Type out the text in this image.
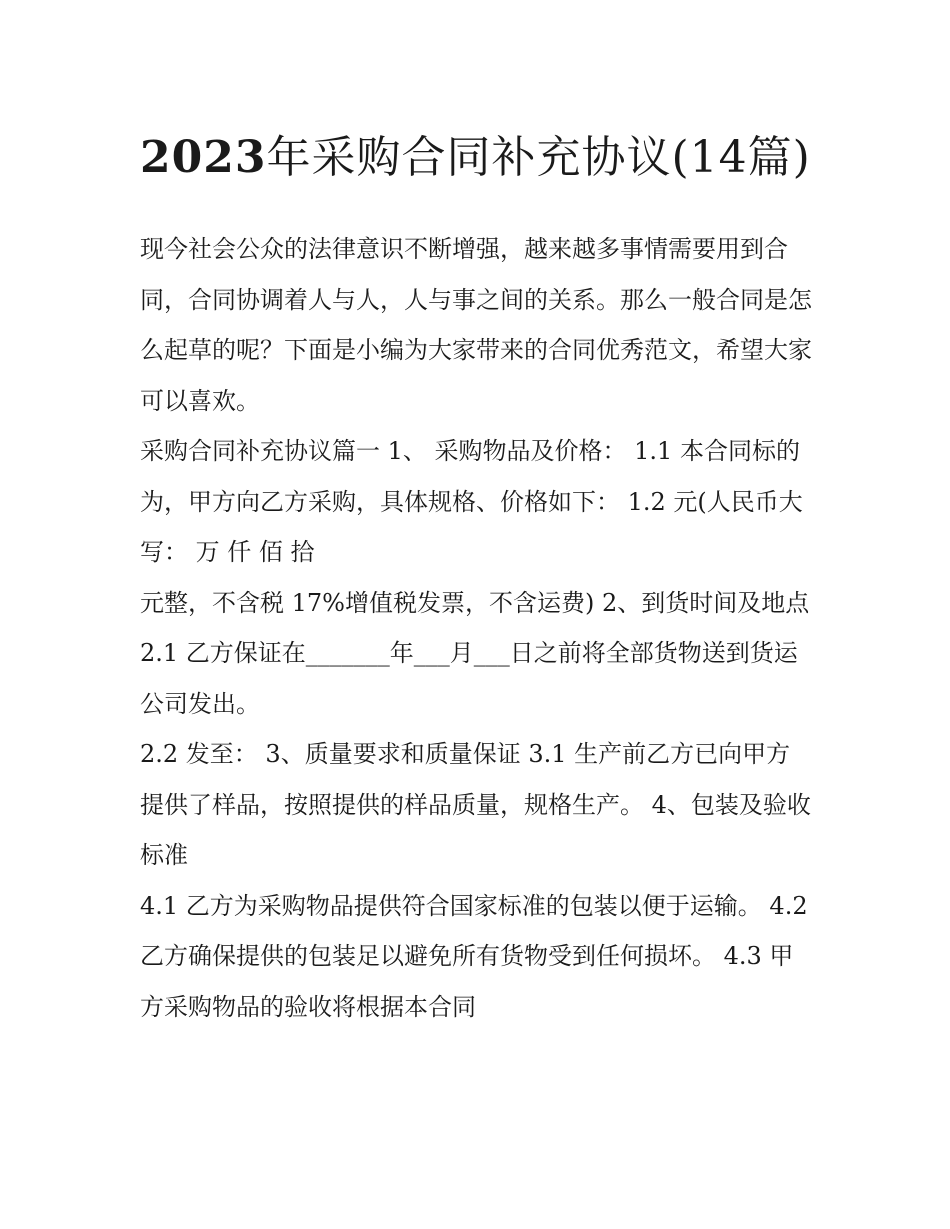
2023年采购合同补充协议(14篇)

现今社会公众的法律意识不断增强，越来越多事情需要用到合同，合同协调着人与人，人与事之间的关系。那么一般合同是怎么起草的呢？下面是小编为大家带来的合同优秀范文，希望大家可以喜欢。

采购合同补充协议篇一 1、 采购物品及价格： 1.1 本合同标的为，甲方向乙方采购，具体规格、价格如下： 1.2 元(人民币大写： 万 仟 佰 拾

元整，不含税 17%增值税发票，不含运费) 2、到货时间及地点 2.1 乙方保证在_______年___月___日之前将全部货物送到货运公司发出。

2.2 发至： 3、质量要求和质量保证 3.1 生产前乙方已向甲方提供了样品，按照提供的样品质量，规格生产。 4、包装及验收标准

4.1 乙方为采购物品提供符合国家标准的包装以便于运输。 4.2 乙方确保提供的包装足以避免所有货物受到任何损坏。 4.3 甲方采购物品的验收将根据本合同
